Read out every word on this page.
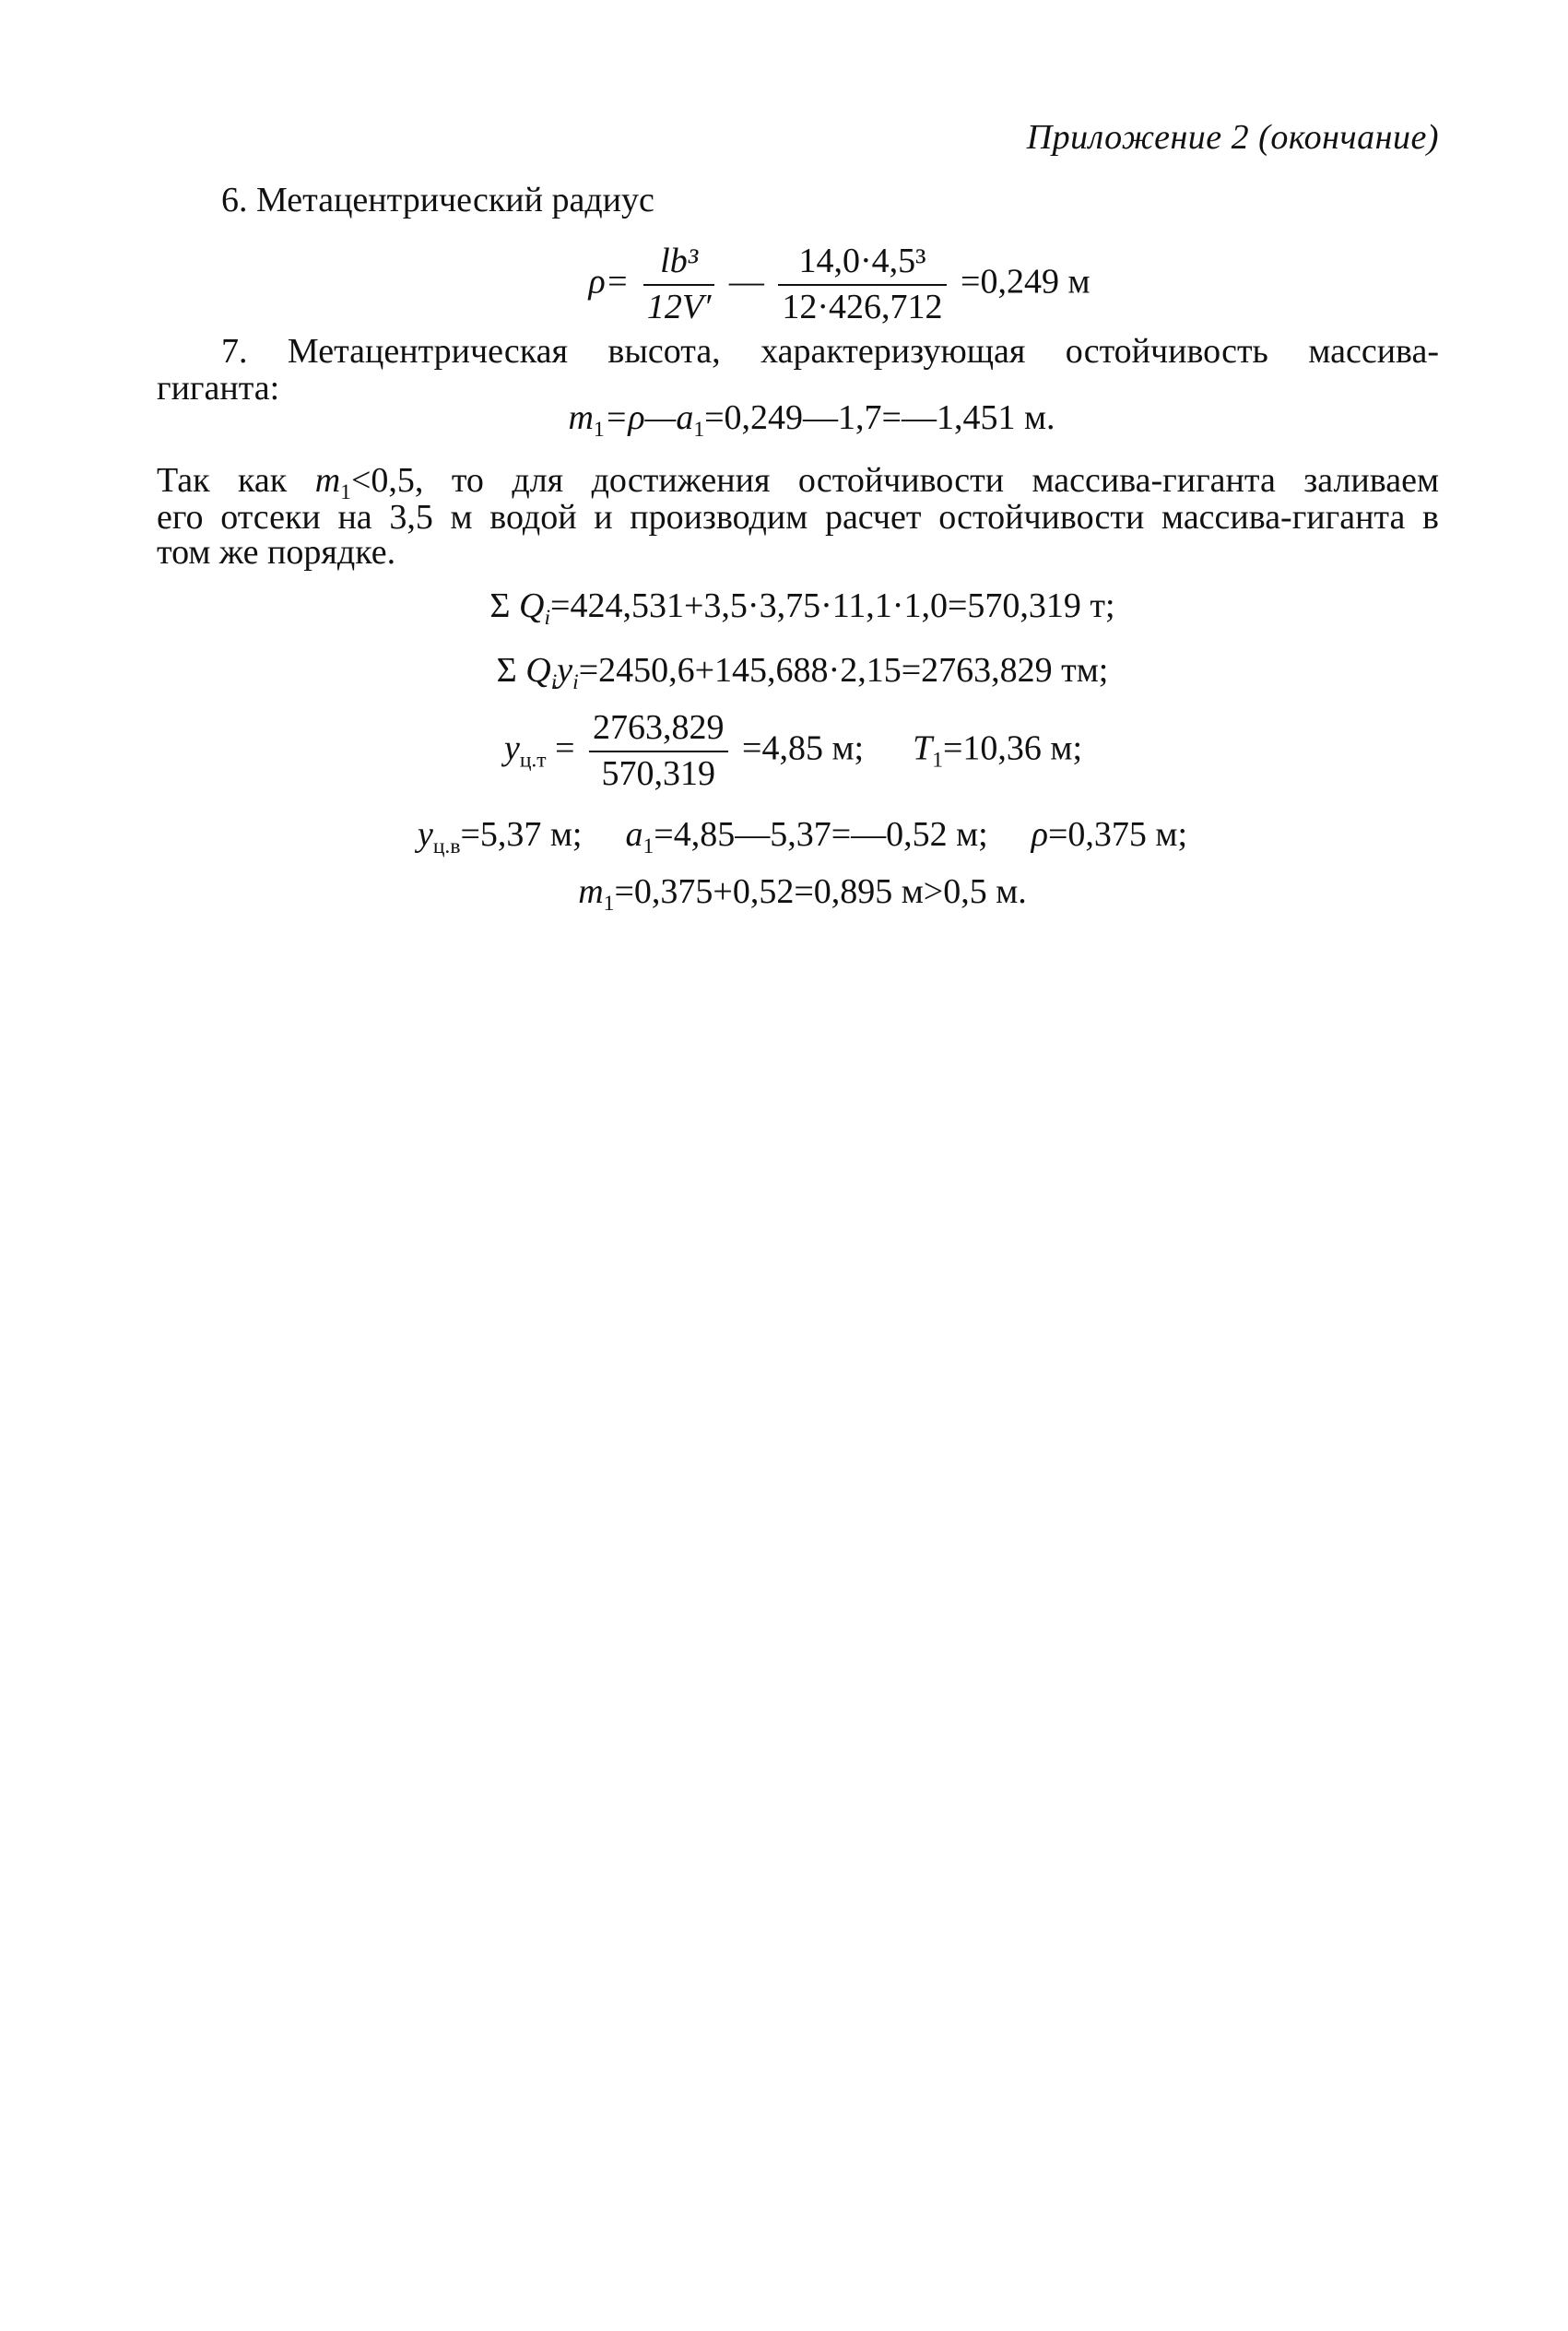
Приложение 2 (окончание)
6. Метацентрический радиус
$\rho= \frac{\text{lb³}}{12V'}$ — $\frac{\text{14,0·4,5³}}{12\cdot 426,712} =0,249$ м
7. Метацентрическая высота, характеризующая остойчивость массива-
гиганта:
$m_1=\rho—a_1=0,249—1,7=—1,451$ м.
Так как $m_1<0,5$, то для достижения остойчивости массива-гиганта заливаем
его отсеки на 3,5 м водой и производим расчет остойчивости массива-гиганта в
том же порядке.
Σ $Q_i=424,531+3,5\cdot 3,75\cdot 11,1\cdot 1,0=570,319$ т;
Σ $Q_iy_i=2450,6+145,688\cdot 2,15=2763,829$ тм;
$y_{ц.т} = \frac{2763,829}{570,319} =4,85$ м; $T_1=10,36$ м;
$y_{ц.в}=5,37$ м; $a_1=4,85—5,37=—0,52$ м; ρ=0,375 м;
$m_1=0,375+0,52=0,895$ м>0,5 м.
